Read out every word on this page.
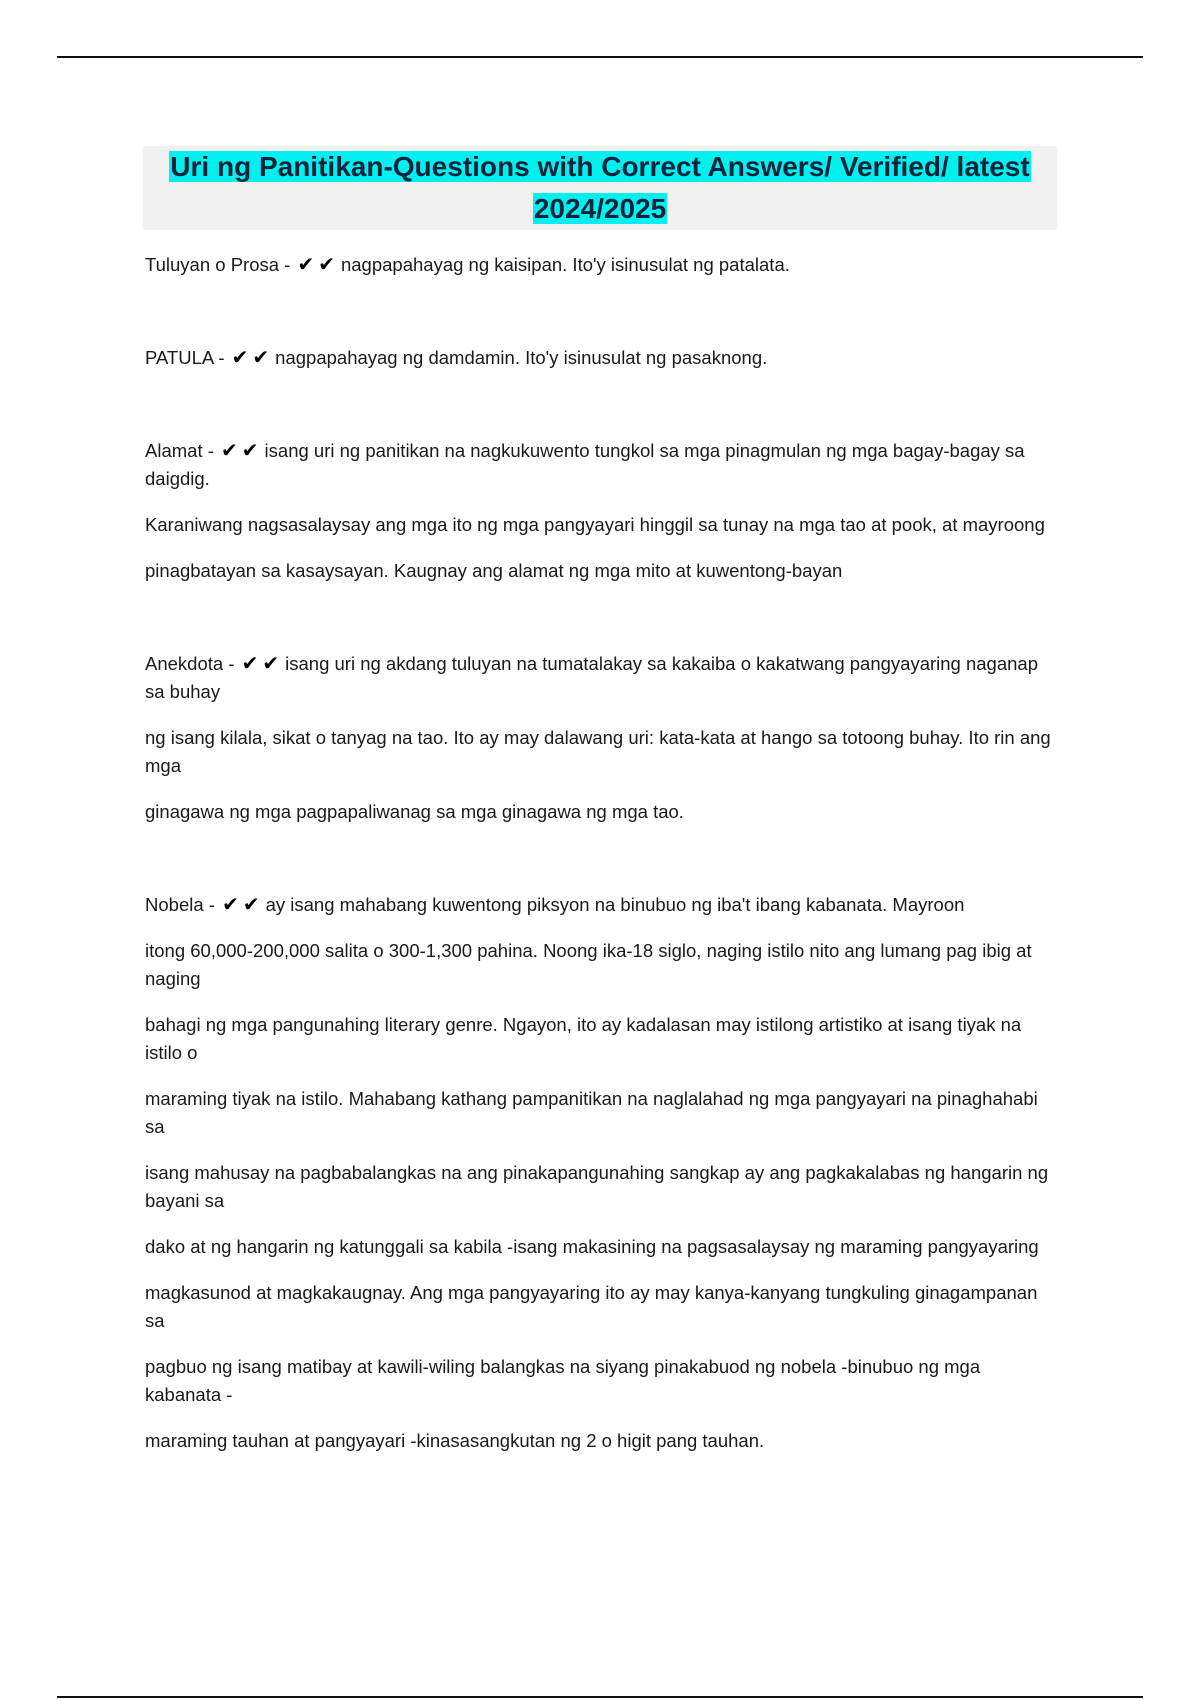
Uri ng Panitikan-Questions with Correct Answers/ Verified/ latest
2024/2025

Tuluyan o Prosa - ✔✔ nagpapahayag ng kaisipan. Ito'y isinusulat ng patalata.

PATULA - ✔✔ nagpapahayag ng damdamin. Ito'y isinusulat ng pasaknong.

Alamat - ✔✔ isang uri ng panitikan na nagkukuwento tungkol sa mga pinagmulan ng mga bagay-bagay sa daigdig.

Karaniwang nagsasalaysay ang mga ito ng mga pangyayari hinggil sa tunay na mga tao at pook, at mayroong

pinagbatayan sa kasaysayan. Kaugnay ang alamat ng mga mito at kuwentong-bayan

Anekdota - ✔✔ isang uri ng akdang tuluyan na tumatalakay sa kakaiba o kakatwang pangyayaring naganap sa buhay

ng isang kilala, sikat o tanyag na tao. Ito ay may dalawang uri: kata-kata at hango sa totoong buhay. Ito rin ang mga

ginagawa ng mga pagpapaliwanag sa mga ginagawa ng mga tao.

Nobela - ✔✔ ay isang mahabang kuwentong piksyon na binubuo ng iba't ibang kabanata. Mayroon

itong 60,000-200,000 salita o 300-1,300 pahina. Noong ika-18 siglo, naging istilo nito ang lumang pag ibig at naging

bahagi ng mga pangunahing literary genre. Ngayon, ito ay kadalasan may istilong artistiko at isang tiyak na istilo o

maraming tiyak na istilo. Mahabang kathang pampanitikan na naglalahad ng mga pangyayari na pinaghahabi sa

isang mahusay na pagbabalangkas na ang pinakapangunahing sangkap ay ang pagkakalabas ng hangarin ng bayani sa

dako at ng hangarin ng katunggali sa kabila -isang makasining na pagsasalaysay ng maraming pangyayaring

magkasunod at magkakaugnay. Ang mga pangyayaring ito ay may kanya-kanyang tungkuling ginagampanan sa

pagbuo ng isang matibay at kawili-wiling balangkas na siyang pinakabuod ng nobela -binubuo ng mga kabanata -

maraming tauhan at pangyayari -kinasasangkutan ng 2 o higit pang tauhan.
